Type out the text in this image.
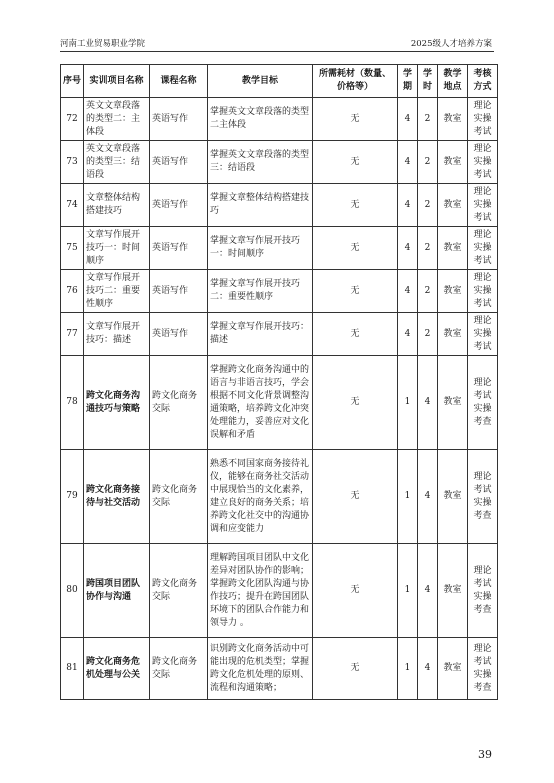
河南工业贸易职业学院	2025级人才培养方案
序号	实训项目名称	课程名称	教学目标	所需耗材（数量、价格等）	学期	学时	教学地点	考核方式
72	英文文章段落的类型二：主体段	英语写作	掌握英文文章段落的类型二主体段	无	4	2	教室	理论实操考试
73	英文文章段落的类型三：结语段	英语写作	掌握英文文章段落的类型三：结语段	无	4	2	教室	理论实操考试
74	文章整体结构搭建技巧	英语写作	掌握文章整体结构搭建技巧	无	4	2	教室	理论实操考试
75	文章写作展开技巧一：时间顺序	英语写作	掌握文章写作展开技巧一：时间顺序	无	4	2	教室	理论实操考试
76	文章写作展开技巧二：重要性顺序	英语写作	掌握文章写作展开技巧二：重要性顺序	无	4	2	教室	理论实操考试
77	文章写作展开技巧：描述	英语写作	掌握文章写作展开技巧：描述	无	4	2	教室	理论实操考试
78	跨文化商务沟通技巧与策略	跨文化商务交际	掌握跨文化商务沟通中的语言与非语言技巧，学会根据不同文化背景调整沟通策略，培养跨文化冲突处理能力，妥善应对文化误解和矛盾	无	1	4	教室	理论考试实操考查
79	跨文化商务接待与社交活动	跨文化商务交际	熟悉不同国家商务接待礼仪，能够在商务社交活动中展现恰当的文化素养，建立良好的商务关系；培养跨文化社交中的沟通协调和应变能力	无	1	4	教室	理论考试实操考查
80	跨国项目团队协作与沟通	跨文化商务交际	理解跨国项目团队中文化差异对团队协作的影响；掌握跨文化团队沟通与协作技巧；提升在跨国团队环境下的团队合作能力和领导力 。	无	1	4	教室	理论考试实操考查
81	跨文化商务危机处理与公关	跨文化商务交际	识别跨文化商务活动中可能出现的危机类型；掌握跨文化危机处理的原则、流程和沟通策略；	无	1	4	教室	理论考试实操考查
39
